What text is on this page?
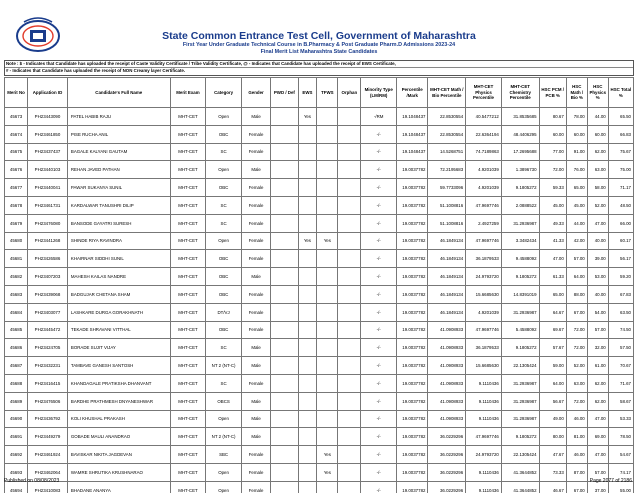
State Common Entrance Test Cell, Government of Maharashtra
First Year Under Graduate Technical Course in B.Pharmacy & Post Graduate Pharm.D Admissions 2023-24
Final Merit List Maharashtra State Candidates
Note : $ - Indicates that Candidate has uploaded the receipt of Caste Validity Certificate / Tribe Validity Certificate, @ - Indicates that Candidate has uploaded the receipt of EWS Certificate,
# - Indicates that Candidate has uploaded the receipt of NON Creamy layer Certificate.
Merit No	Application ID	Candidate's Full Name	Merit Exam	Category	Gender	PWD / Def	EWS	TFWS	Orphan	Minority Type (LM/RM)	Percentile /Mark	MHT-CET Math / Bio Percentile	MHT-CET Physics Percentile	MHT-CET Chemistry Percentile	HSC PCM / PCB %	HSC Math / Bio %	HSC Physics %	HSC Total %
45673	PH23443090	PATEL HABIB RAJU	MHT-CET	Open	Male		Yes			-/RM	19.1048437	22.8530554	40.5477212	31.8535685	80.67	78.00	44.00	65.50
45674	PH23461850	PISE RUCHA ANIL	MHT-CET	OBC	Female					-/-	19.1048437	22.8530554	22.6364194	48.4406295	60.00	60.00	60.00	66.83
45675	PH23437437	BAGALE KALYANI GAUTAM	MHT-CET	SC	Female					-/-	19.1048437	14.5268751	74.7189863	17.2695688	77.00	91.00	62.00	75.67
45676	PH23440103	REHAN JAVED PATHAN	MHT-CET	Open	Male					-/-	19.0037782	72.2195683	4.9201039	1.3896730	72.00	76.00	63.00	75.00
45677	PH23440041	PAWAR SUKANYA SUNIL	MHT-CET	OBC	Female					-/-	19.0037782	59.7733096	4.9201039	9.1805272	59.33	65.00	58.00	71.17
45678	PH23461731	KARDALWAR TANUSHRI DILIP	MHT-CET	SC	Female					-/-	19.0037782	51.1008816	47.9697746	2.0888522	45.00	45.00	52.00	48.50
45679	PH23476080	BANSODE GAYATRI SURESH	MHT-CET	SC	Female					-/-	19.0037782	51.1008816	2.4927259	31.2936987	49.33	44.00	47.00	66.00
45680	PH23441268	SHINDE RIYA RAVINDRA	MHT-CET	Open	Female		Yes	Yes		-/-	19.0037782	46.1849134	47.9697746	3.3482434	41.33	42.00	40.00	60.17
45681	PH23426586	KHAIRNAR SIDDHI SUNIL	MHT-CET	OBC	Female					-/-	19.0037782	46.1849134	36.1879533	9.4588092	47.00	57.00	39.00	56.17
45682	PH23407203	MAHESH KAILAS NANDRE	MHT-CET	OBC	Male					-/-	19.0037782	46.1849134	24.9793720	9.1805272	61.33	64.00	53.00	59.20
45683	PH23439068	BADGUJAR CHETANA SHAM	MHT-CET	OBC	Female					-/-	19.0037782	46.1849134	15.6685630	14.8391019	65.00	88.00	40.00	67.83
45684	PH23403077	LASHKARE DURGA GORAKHNATH	MHT-CET	DT/VJ	Female					-/-	19.0037782	46.1849134	4.9201039	31.2936987	64.67	67.00	54.00	63.50
45685	PH23445472	TEKADE SHRAVANI VITTHAL	MHT-CET	OBC	Female					-/-	19.0037782	41.0908933	47.9697746	5.4588092	69.67	72.00	57.00	74.50
45686	PH23424705	BORADE SUJIT VIJAY	MHT-CET	SC	Male					-/-	19.0037782	41.0908933	36.1879533	9.1805272	57.67	72.00	32.00	57.50
45687	PH23432231	TAMBAVE GANESH SANTOSH	MHT-CET	NT 2 (NT-C)	Male					-/-	19.0037782	41.0908933	15.6685630	22.1305424	59.00	52.00	61.00	70.67
45688	PH23416415	KHANDAGALE PRATIKSHA DHANVANT	MHT-CET	SC	Female					-/-	19.0037782	41.0908933	9.1110436	31.2936987	64.00	63.00	62.00	71.67
45689	PH23476506	BARDHE PRATHMESH DNYANESHWAR	MHT-CET	OBCS	Male					-/-	19.0037782	41.0908933	9.1110436	31.2936987	56.67	72.00	62.00	58.67
45690	PH23436792	KOLI KHUSHAL PRAKASH	MHT-CET	Open	Male					-/-	19.0037782	41.0908933	9.1110436	31.2936987	49.00	46.00	47.00	53.33
45691	PH23449279	GOBADE MAULI ANANDRAO	MHT-CET	NT 2 (NT-C)	Male					-/-	19.0037782	36.0229296	47.9697746	9.1805272	80.00	81.00	69.00	78.50
45692	PH23461924	BAVISKAR NIKITA JAGDEVAN	MHT-CET	SBC	Female			Yes		-/-	19.0037782	36.0229296	24.9793720	22.1305424	47.67	46.00	47.00	54.67
45693	PH23462064	WAMRE SHRUTIKA KRUSHNARAO	MHT-CET	Open	Female			Yes		-/-	19.0037782	36.0229296	9.1110436	41.3644852	73.33	87.00	57.00	74.17
45694	PH23410083	BHADANE ANANYA	MHT-CET	Open	Female					-/-	19.0037782	36.0229296	9.1110436	41.3644852	46.67	67.00	37.00	55.00
Published on 08/08/2023	Page 2077 of 2186
